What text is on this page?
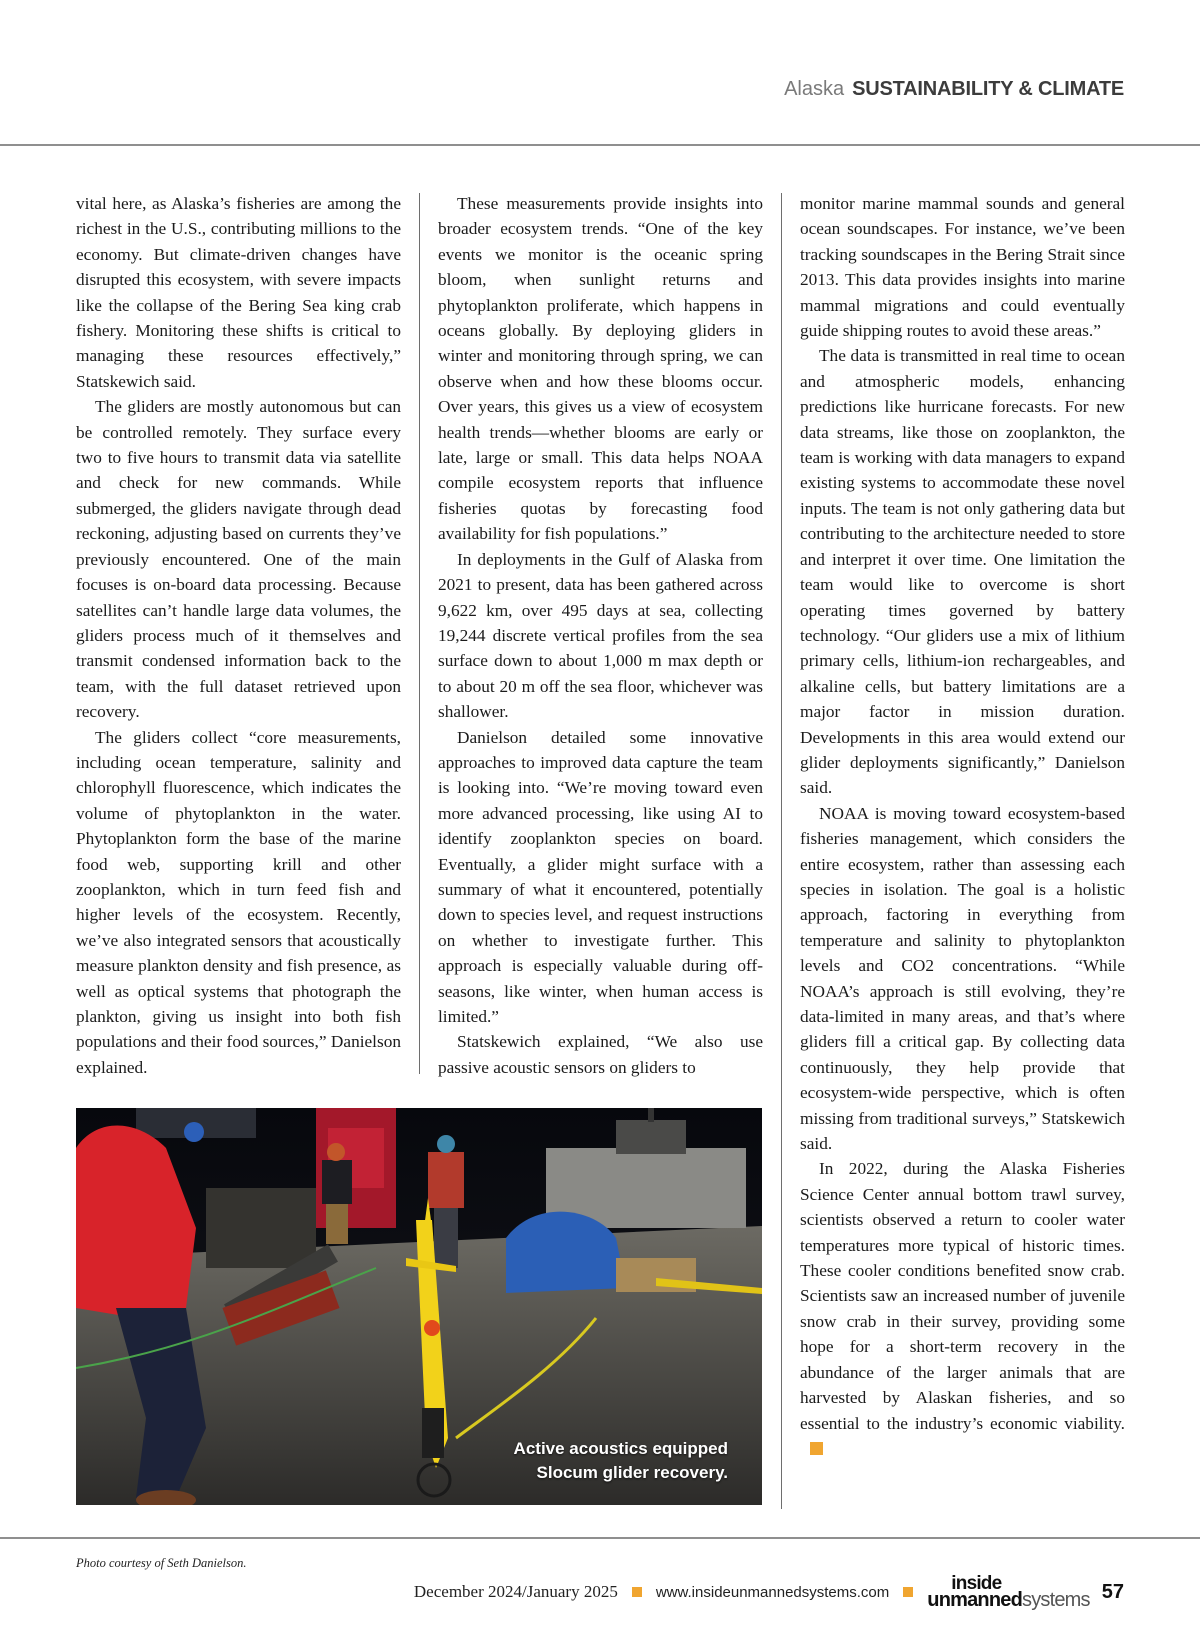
Alaska SUSTAINABILITY & CLIMATE

vital here, as Alaska’s fisheries are among the richest in the U.S., contributing millions to the economy. But climate-driven changes have disrupted this ecosystem, with severe impacts like the collapse of the Bering Sea king crab fishery. Monitoring these shifts is critical to managing these resources effectively,” Statskewich said.

The gliders are mostly autonomous but can be controlled remotely. They surface every two to five hours to transmit data via satellite and check for new commands. While submerged, the gliders navigate through dead reckoning, adjusting based on currents they’ve previously encountered. One of the main focuses is on-board data processing. Because satellites can’t handle large data volumes, the gliders process much of it themselves and transmit condensed information back to the team, with the full dataset retrieved upon recovery.

The gliders collect “core measurements, including ocean temperature, salinity and chlorophyll fluorescence, which indicates the volume of phytoplankton in the water. Phytoplankton form the base of the marine food web, supporting krill and other zooplankton, which in turn feed fish and higher levels of the ecosystem. Recently, we’ve also integrated sensors that acoustically measure plankton density and fish presence, as well as optical systems that photograph the plankton, giving us insight into both fish populations and their food sources,” Danielson explained.

These measurements provide insights into broader ecosystem trends. “One of the key events we monitor is the oceanic spring bloom, when sunlight returns and phytoplankton proliferate, which happens in oceans globally. By deploying gliders in winter and monitoring through spring, we can observe when and how these blooms occur. Over years, this gives us a view of ecosystem health trends—whether blooms are early or late, large or small. This data helps NOAA compile ecosystem reports that influence fisheries quotas by forecasting food availability for fish populations.”

In deployments in the Gulf of Alaska from 2021 to present, data has been gathered across 9,622 km, over 495 days at sea, collecting 19,244 discrete vertical profiles from the sea surface down to about 1,000 m max depth or to about 20 m off the sea floor, whichever was shallower.

Danielson detailed some innovative approaches to improved data capture the team is looking into. “We’re moving toward even more advanced processing, like using AI to identify zooplankton species on board. Eventually, a glider might surface with a summary of what it encountered, potentially down to species level, and request instructions on whether to investigate further. This approach is especially valuable during off-seasons, like winter, when human access is limited.”

Statskewich explained, “We also use passive acoustic sensors on gliders to

monitor marine mammal sounds and general ocean soundscapes. For instance, we’ve been tracking soundscapes in the Bering Strait since 2013. This data provides insights into marine mammal migrations and could eventually guide shipping routes to avoid these areas.”

The data is transmitted in real time to ocean and atmospheric models, enhancing predictions like hurricane forecasts. For new data streams, like those on zooplankton, the team is working with data managers to expand existing systems to accommodate these novel inputs. The team is not only gathering data but contributing to the architecture needed to store and interpret it over time. One limitation the team would like to overcome is short operating times governed by battery technology. “Our gliders use a mix of lithium primary cells, lithium-ion rechargeables, and alkaline cells, but battery limitations are a major factor in mission duration. Developments in this area would extend our glider deployments significantly,” Danielson said.

NOAA is moving toward ecosystem-based fisheries management, which considers the entire ecosystem, rather than assessing each species in isolation. The goal is a holistic approach, factoring in everything from temperature and salinity to phytoplankton levels and CO2 concentrations. “While NOAA’s approach is still evolving, they’re data-limited in many areas, and that’s where gliders fill a critical gap. By collecting data continuously, they help provide that ecosystem-wide perspective, which is often missing from traditional surveys,” Statskewich said.

In 2022, during the Alaska Fisheries Science Center annual bottom trawl survey, scientists observed a return to cooler water temperatures more typical of historic times. These cooler conditions benefited snow crab. Scientists saw an increased number of juvenile snow crab in their survey, providing some hope for a short-term recovery in the abundance of the larger animals that are harvested by Alaskan fisheries, and so essential to the industry’s economic viability.

Active acoustics equipped
Slocum glider recovery.
Photo courtesy of Seth Danielson.
December 2024/January 2025	www.insideunmannedsystems.com	inside
unmannedsystems 57
